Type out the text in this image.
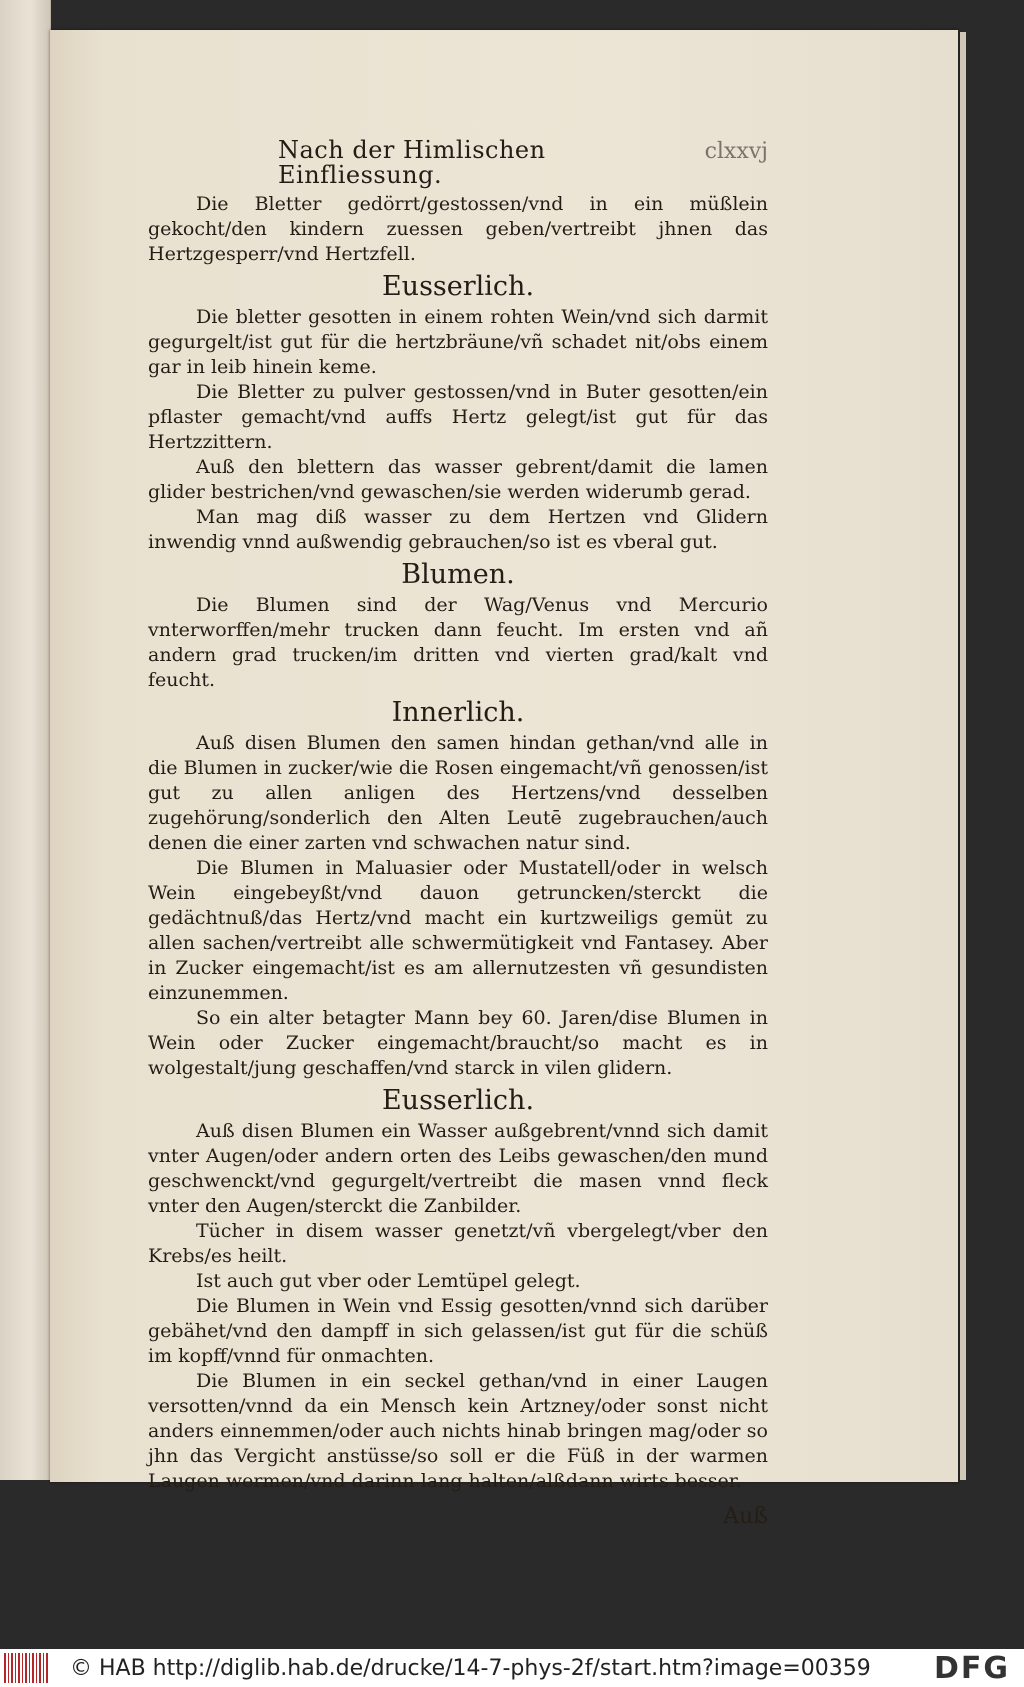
Nach der Himlischen Einfliessung.
clxxvj

Die Bletter gedörrt/gestossen/vnd in ein müßlein gekocht/den kindern zuessen geben/vertreibt jhnen das Hertzgesperr/vnd Hertzfell.

Eusserlich.

Die bletter gesotten in einem rohten Wein/vnd sich darmit gegurgelt/ist gut für die hertzbräune/vñ schadet nit/obs einem gar in leib hinein keme.

Die Bletter zu pulver gestossen/vnd in Buter gesotten/ein pflaster gemacht/vnd auffs Hertz gelegt/ist gut für das Hertzzittern.

Auß den blettern das wasser gebrent/damit die lamen glider bestrichen/vnd gewaschen/sie werden widerumb gerad.

Man mag diß wasser zu dem Hertzen vnd Glidern inwendig vnnd außwendig gebrauchen/so ist es vberal gut.

Blumen.

Die Blumen sind der Wag/Venus vnd Mercurio vnterworffen/mehr trucken dann feucht. Im ersten vnd añ andern grad trucken/im dritten vnd vierten grad/kalt vnd feucht.

Innerlich.

Auß disen Blumen den samen hindan gethan/vnd alle in die Blumen in zucker/wie die Rosen eingemacht/vñ genossen/ist gut zu allen anligen des Hertzens/vnd desselben zugehörung/sonderlich den Alten Leutē zugebrauchen/auch denen die einer zarten vnd schwachen natur sind.

Die Blumen in Maluasier oder Mustatell/oder in welsch Wein eingebeyßt/vnd dauon getruncken/sterckt die gedächtnuß/das Hertz/vnd macht ein kurtzweiligs gemüt zu allen sachen/vertreibt alle schwermütigkeit vnd Fantasey. Aber in Zucker eingemacht/ist es am allernutzesten vñ gesundisten einzunemmen.

So ein alter betagter Mann bey 60. Jaren/dise Blumen in Wein oder Zucker eingemacht/braucht/so macht es in wolgestalt/jung geschaffen/vnd starck in vilen glidern.

Eusserlich.

Auß disen Blumen ein Wasser außgebrent/vnnd sich damit vnter Augen/oder andern orten des Leibs gewaschen/den mund geschwenckt/vnd gegurgelt/vertreibt die masen vnnd fleck vnter den Augen/sterckt die Zanbilder.

Tücher in disem wasser genetzt/vñ vbergelegt/vber den Krebs/es heilt.

Ist auch gut vber oder Lemtüpel gelegt.

Die Blumen in Wein vnd Essig gesotten/vnnd sich darüber gebähet/vnd den dampff in sich gelassen/ist gut für die schüß im kopff/vnnd für onmachten.

Die Blumen in ein seckel gethan/vnd in einer Laugen versotten/vnnd da ein Mensch kein Artzney/oder sonst nicht anders einnemmen/oder auch nichts hinab bringen mag/oder so jhn das Vergicht anstüsse/so soll er die Füß in der warmen Laugen wermen/vnd darinn lang halten/alßdann wirts besser.

Auß
© HAB http://diglib.hab.de/drucke/14-7-phys-2f/start.htm?image=00359	DFG
